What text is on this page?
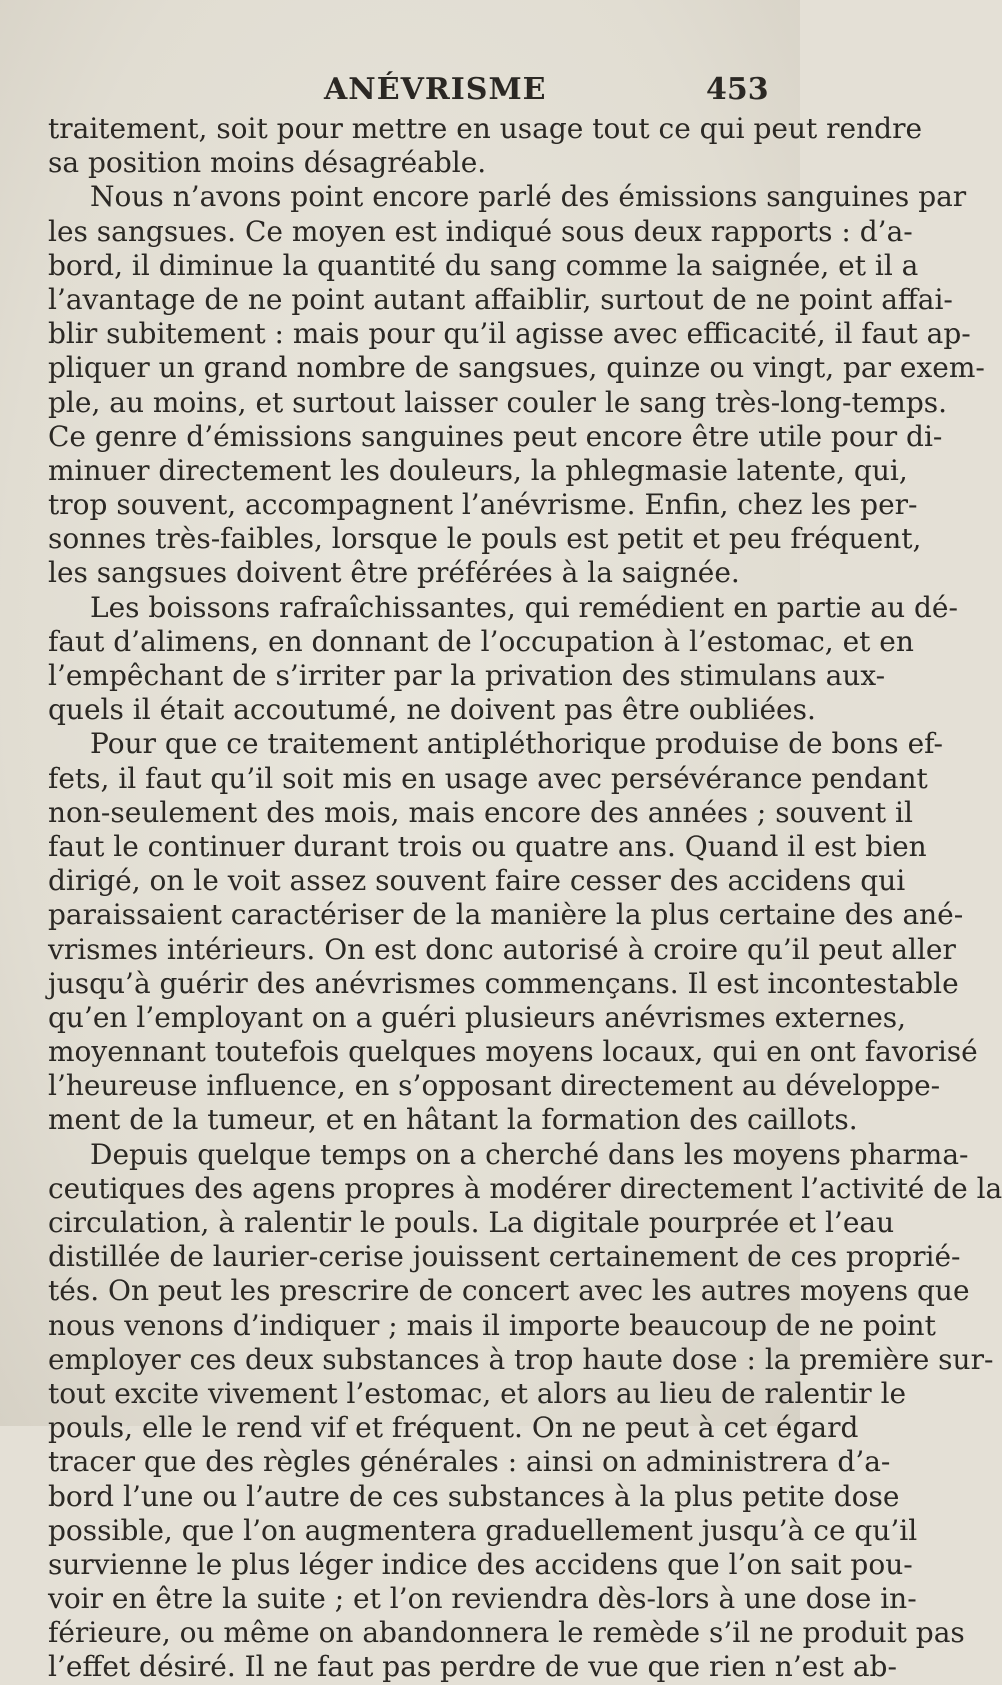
ANÉVRISME	453
traitement, soit pour mettre en usage tout ce qui peut rendre
sa position moins désagréable.
Nous n’avons point encore parlé des émissions sanguines par
les sangsues. Ce moyen est indiqué sous deux rapports : d’a-
bord, il diminue la quantité du sang comme la saignée, et il a
l’avantage de ne point autant affaiblir, surtout de ne point affai-
blir subitement : mais pour qu’il agisse avec efficacité, il faut ap-
pliquer un grand nombre de sangsues, quinze ou vingt, par exem-
ple, au moins, et surtout laisser couler le sang très-long-temps.
Ce genre d’émissions sanguines peut encore être utile pour di-
minuer directement les douleurs, la phlegmasie latente, qui,
trop souvent, accompagnent l’anévrisme. Enfin, chez les per-
sonnes très-faibles, lorsque le pouls est petit et peu fréquent,
les sangsues doivent être préférées à la saignée.
Les boissons rafraîchissantes, qui remédient en partie au dé-
faut d’alimens, en donnant de l’occupation à l’estomac, et en
l’empêchant de s’irriter par la privation des stimulans aux-
quels il était accoutumé, ne doivent pas être oubliées.
Pour que ce traitement antipléthorique produise de bons ef-
fets, il faut qu’il soit mis en usage avec persévérance pendant
non-seulement des mois, mais encore des années ; souvent il
faut le continuer durant trois ou quatre ans. Quand il est bien
dirigé, on le voit assez souvent faire cesser des accidens qui
paraissaient caractériser de la manière la plus certaine des ané-
vrismes intérieurs. On est donc autorisé à croire qu’il peut aller
jusqu’à guérir des anévrismes commençans. Il est incontestable
qu’en l’employant on a guéri plusieurs anévrismes externes,
moyennant toutefois quelques moyens locaux, qui en ont favorisé
l’heureuse influence, en s’opposant directement au développe-
ment de la tumeur, et en hâtant la formation des caillots.
Depuis quelque temps on a cherché dans les moyens pharma-
ceutiques des agens propres à modérer directement l’activité de la
circulation, à ralentir le pouls. La digitale pourprée et l’eau
distillée de laurier-cerise jouissent certainement de ces proprié-
tés. On peut les prescrire de concert avec les autres moyens que
nous venons d’indiquer ; mais il importe beaucoup de ne point
employer ces deux substances à trop haute dose : la première sur-
tout excite vivement l’estomac, et alors au lieu de ralentir le
pouls, elle le rend vif et fréquent. On ne peut à cet égard
tracer que des règles générales : ainsi on administrera d’a-
bord l’une ou l’autre de ces substances à la plus petite dose
possible, que l’on augmentera graduellement jusqu’à ce qu’il
survienne le plus léger indice des accidens que l’on sait pou-
voir en être la suite ; et l’on reviendra dès-lors à une dose in-
férieure, ou même on abandonnera le remède s’il ne produit pas
l’effet désiré. Il ne faut pas perdre de vue que rien n’est ab-
